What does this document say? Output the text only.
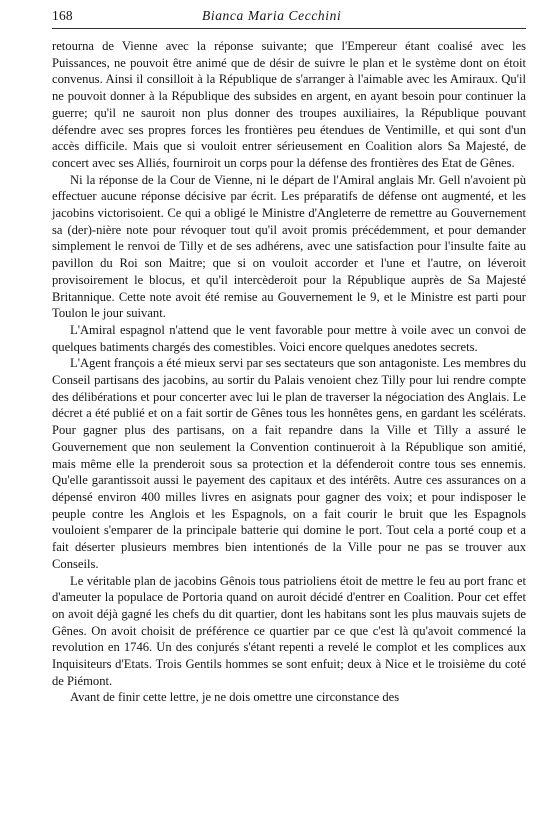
168	Bianca Maria Cecchini

retourna de Vienne avec la réponse suivante; que l'Empereur étant coalisé avec les Puissances, ne pouvoit être animé que de désir de suivre le plan et le système dont on étoit convenus. Ainsi il consilloit à la République de s'arranger à l'aimable avec les Amiraux. Qu'il ne pouvoit donner à la République des subsides en argent, en ayant besoin pour continuer la guerre; qu'il ne sauroit non plus donner des troupes auxiliaires, la République pouvant défendre avec ses propres forces les frontières peu étendues de Ventimille, et qui sont d'un accès difficile. Mais que si vouloit entrer sérieusement en Coalition alors Sa Majesté, de concert avec ses Alliés, fourniroit un corps pour la défense des frontières des Etat de Gênes.

Ni la réponse de la Cour de Vienne, ni le départ de l'Amiral anglais Mr. Gell n'avoient pù effectuer aucune réponse décisive par écrit. Les préparatifs de défense ont augmenté, et les jacobins victorisoient. Ce qui a obligé le Ministre d'Angleterre de remettre au Gouvernement sa (der)-nière note pour révoquer tout qu'il avoit promis précédemment, et pour demander simplement le renvoi de Tilly et de ses adhérens, avec une satisfaction pour l'insulte faite au pavillon du Roi son Maitre; que si on vouloit accorder et l'une et l'autre, on léveroit provisoirement le blocus, et qu'il intercèderoit pour la République auprès de Sa Majesté Britannique. Cette note avoit été remise au Gouvernement le 9, et le Ministre est parti pour Toulon le jour suivant.

L'Amiral espagnol n'attend que le vent favorable pour mettre à voile avec un convoi de quelques batiments chargés des comestibles. Voici encore quelques anedotes secrets.

L'Agent françois a été mieux servi par ses sectateurs que son antagoniste. Les membres du Conseil partisans des jacobins, au sortir du Palais venoient chez Tilly pour lui rendre compte des délibérations et pour concerter avec lui le plan de traverser la négociation des Anglais. Le décret a été publié et on a fait sortir de Gênes tous les honnêtes gens, en gardant les scélérats. Pour gagner plus des partisans, on a fait repandre dans la Ville et Tilly a assuré le Gouvernement que non seulement la Convention continueroit à la République son amitié, mais même elle la prenderoit sous sa protection et la défenderoit contre tous ses ennemis. Qu'elle garantissoit aussi le payement des capitaux et des intérêts. Autre ces assurances on a dépensé environ 400 milles livres en asignats pour gagner des voix; et pour indisposer le peuple contre les Anglois et les Espagnols, on a fait courir le bruit que les Espagnols vouloient s'emparer de la principale batterie qui domine le port. Tout cela a porté coup et a fait déserter plusieurs membres bien intentionés de la Ville pour ne pas se trouver aux Conseils.

Le véritable plan de jacobins Gênois tous patrioliens étoit de mettre le feu au port franc et d'ameuter la populace de Portoria quand on auroit décidé d'entrer en Coalition. Pour cet effet on avoit déjà gagné les chefs du dit quartier, dont les habitans sont les plus mauvais sujets de Gênes. On avoit choisit de préférence ce quartier par ce que c'est là qu'avoit commencé la revolution en 1746. Un des conjurés s'étant repenti a revelé le complot et les complices aux Inquisiteurs d'Etats. Trois Gentils hommes se sont enfuit; deux à Nice et le troisième du coté de Piémont.

Avant de finir cette lettre, je ne dois omettre une circonstance des
